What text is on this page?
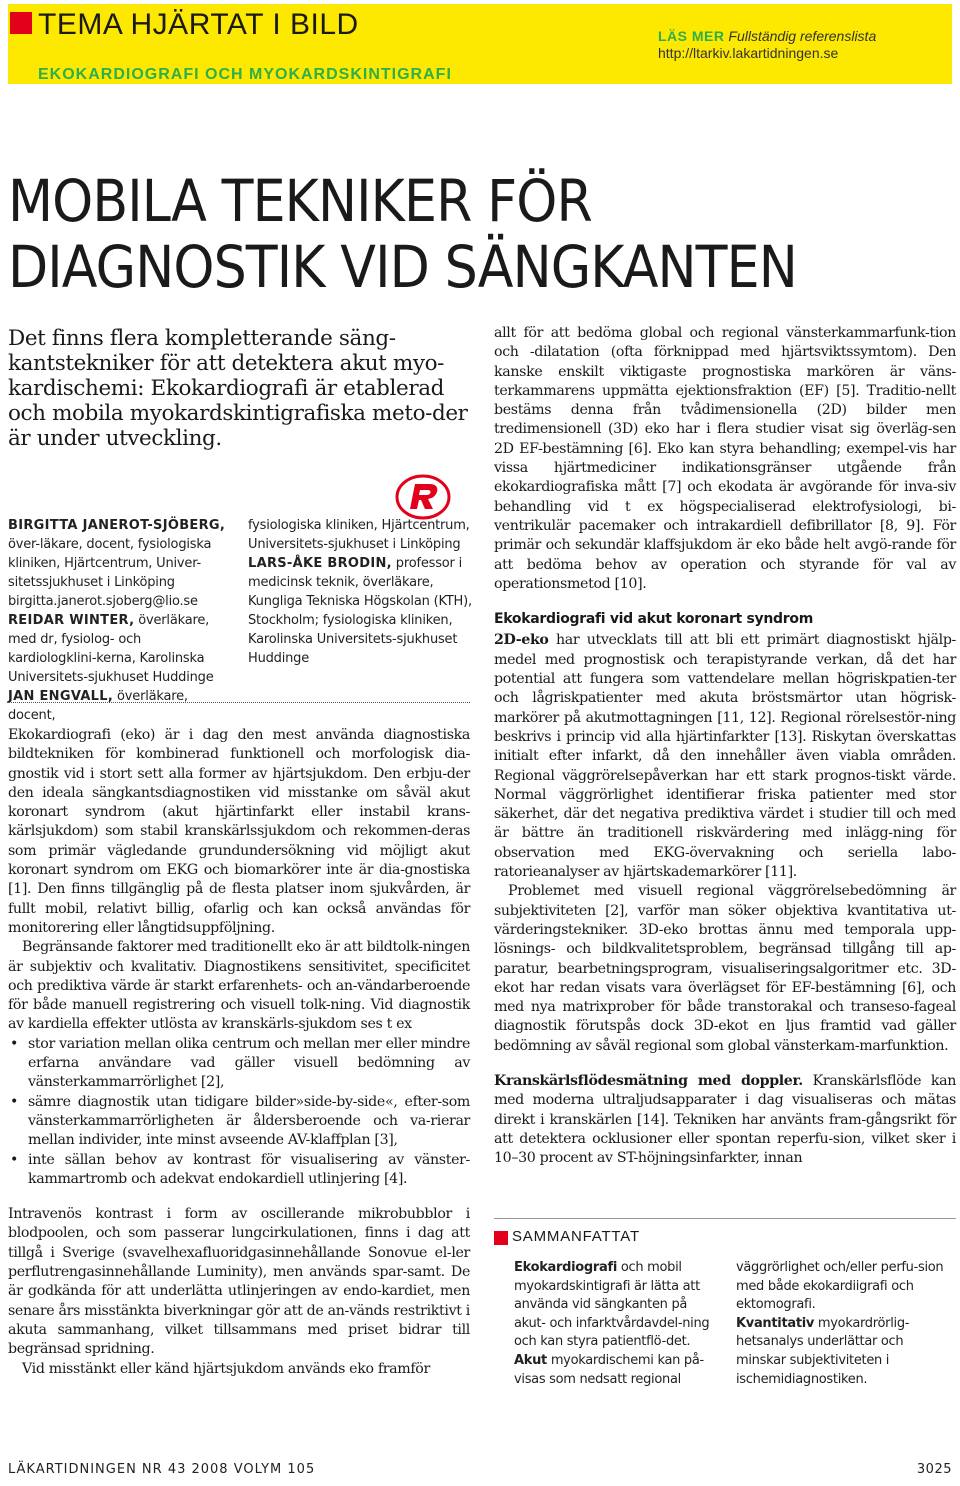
TEMA HJÄRTAT I BILD
EKOKARDIOGRAFI OCH MYOKARDSKINTIGRAFI
LÄS MER Fullständig referenslista
http://ltarkiv.lakartidningen.se
MOBILA TEKNIKER FÖR
DIAGNOSTIK VID SÄNGKANTEN
Det finns flera kompletterande säng-kantstekniker för att detektera akut myo-kardischemi: Ekokardiografi är etablerad och mobila myokardskintigrafiska meto-der är under utveckling.
BIRGITTA JANEROT-SJÖBERG, över-läkare, docent, fysiologiska kliniken, Hjärtcentrum, Univer-sitetssjukhuset i Linköping
birgitta.janerot.sjoberg@lio.se
REIDAR WINTER, överläkare, med dr, fysiolog- och kardiologklini-kerna, Karolinska Universitets-sjukhuset Huddinge
JAN ENGVALL, överläkare, docent,
fysiologiska kliniken, Hjärtcentrum, Universitets-sjukhuset i Linköping
LARS-ÅKE BRODIN, professor i medicinsk teknik, överläkare, Kungliga Tekniska Högskolan (KTH), Stockholm; fysiologiska kliniken, Karolinska Universitets-sjukhuset Huddinge

Ekokardiografi (eko) är i dag den mest använda diagnostiska bildtekniken för kombinerad funktionell och morfologisk dia-gnostik vid i stort sett alla former av hjärtsjukdom. Den erbju-der den ideala sängkantsdiagnostiken vid misstanke om såväl akut koronart syndrom (akut hjärtinfarkt eller instabil krans-kärlsjukdom) som stabil kranskärlssjukdom och rekommen-deras som primär vägledande grundundersökning vid möjligt akut koronart syndrom om EKG och biomarkörer inte är dia-gnostiska [1]. Den finns tillgänglig på de flesta platser inom sjukvården, är fullt mobil, relativt billig, ofarlig och kan också användas för monitorering eller långtidsuppföljning.

Begränsande faktorer med traditionellt eko är att bildtolk-ningen är subjektiv och kvalitativ. Diagnostikens sensitivitet, specificitet och prediktiva värde är starkt erfarenhets- och an-vändarberoende för både manuell registrering och visuell tolk-ning. Vid diagnostik av kardiella effekter utlösta av kranskärls-sjukdom ses t ex

• stor variation mellan olika centrum och mellan mer eller mindre erfarna användare vad gäller visuell bedömning av vänsterkammarrörlighet [2],
• sämre diagnostik utan tidigare bilder»side-by-side«, efter-som vänsterkammarrörligheten är åldersberoende och va-rierar mellan individer, inte minst avseende AV-klaffplan [3],
• inte sällan behov av kontrast för visualisering av vänster-kammartromb och adekvat endokardiell utlinjering [4].

Intravenös kontrast i form av oscillerande mikrobubblor i blodpoolen, och som passerar lungcirkulationen, finns i dag att tillgå i Sverige (svavelhexafluoridgasinnehållande Sonovue el-ler perflutrengasinnehållande Luminity), men används spar-samt. De är godkända för att underlätta utlinjeringen av endo-kardiet, men senare års misstänkta biverkningar gör att de an-vänds restriktivt i akuta sammanhang, vilket tillsammans med priset bidrar till begränsad spridning.

Vid misstänkt eller känd hjärtsjukdom används eko framför

allt för att bedöma global och regional vänsterkammarfunk-tion och -dilatation (ofta förknippad med hjärtsviktssymtom). Den kanske enskilt viktigaste prognostiska markören är väns-terkammarens uppmätta ejektionsfraktion (EF) [5]. Traditio-nellt bestäms denna från tvådimensionella (2D) bilder men tredimensionell (3D) eko har i flera studier visat sig överläg-sen 2D EF-bestämning [6]. Eko kan styra behandling; exempel-vis har vissa hjärtmediciner indikationsgränser utgående från ekokardiografiska mått [7] och ekodata är avgörande för inva-siv behandling vid t ex högspecialiserad elektrofysiologi, bi-ventrikulär pacemaker och intrakardiell defibrillator [8, 9]. För primär och sekundär klaffsjukdom är eko både helt avgö-rande för att bedöma behov av operation och styrande för val av operationsmetod [10].

Ekokardiografi vid akut koronart syndrom

2D-eko har utvecklats till att bli ett primärt diagnostiskt hjälp-medel med prognostisk och terapistyrande verkan, då det har potential att fungera som vattendelare mellan högriskpatien-ter och lågriskpatienter med akuta bröstsmärtor utan högrisk-markörer på akutmottagningen [11, 12]. Regional rörelsestör-ning beskrivs i princip vid alla hjärtinfarkter [13]. Riskytan överskattas initialt efter infarkt, då den innehåller även viabla områden. Regional väggrörelsepåverkan har ett stark prognos-tiskt värde. Normal väggrörlighet identifierar friska patienter med stor säkerhet, där det negativa prediktiva värdet i studier till och med är bättre än traditionell riskvärdering med inlägg-ning för observation med EKG-övervakning och seriella labo-ratorieanalyser av hjärtskademarkörer [11].

Problemet med visuell regional väggrörelsebedömning är subjektiviteten [2], varför man söker objektiva kvantitativa ut-värderingstekniker. 3D-eko brottas ännu med temporala upp-lösnings- och bildkvalitetsproblem, begränsad tillgång till ap-paratur, bearbetningsprogram, visualiseringsalgoritmer etc. 3D-ekot har redan visats vara överlägset för EF-bestämning [6], och med nya matrixprober för både transtorakal och transeso-fageal diagnostik förutspås dock 3D-ekot en ljus framtid vad gäller bedömning av såväl regional som global vänsterkam-marfunktion.

Kranskärlsflödesmätning med doppler. Kranskärlsflöde kan med moderna ultraljudsapparater i dag visualiseras och mätas direkt i kranskärlen [14]. Tekniken har använts fram-gångsrikt för att detektera ocklusioner eller spontan reperfu-sion, vilket sker i 10–30 procent av ST-höjningsinfarkter, innan

SAMMANFATTAT
Ekokardiografi och mobil myokardskintigrafi är lätta att använda vid sängkanten på akut- och infarktvårdavdel-ning och kan styra patientflö-det.
Akut myokardischemi kan på-visas som nedsatt regional
väggrörlighet och/eller perfu-sion med både ekokardiigrafi och ektomografi.
Kvantitativ myokardrörlig-hetsanalys underlättar och minskar subjektiviteten i ischemidiagnostiken.
LÄKARTIDNINGEN NR 43 2008 VOLYM 105	3025
